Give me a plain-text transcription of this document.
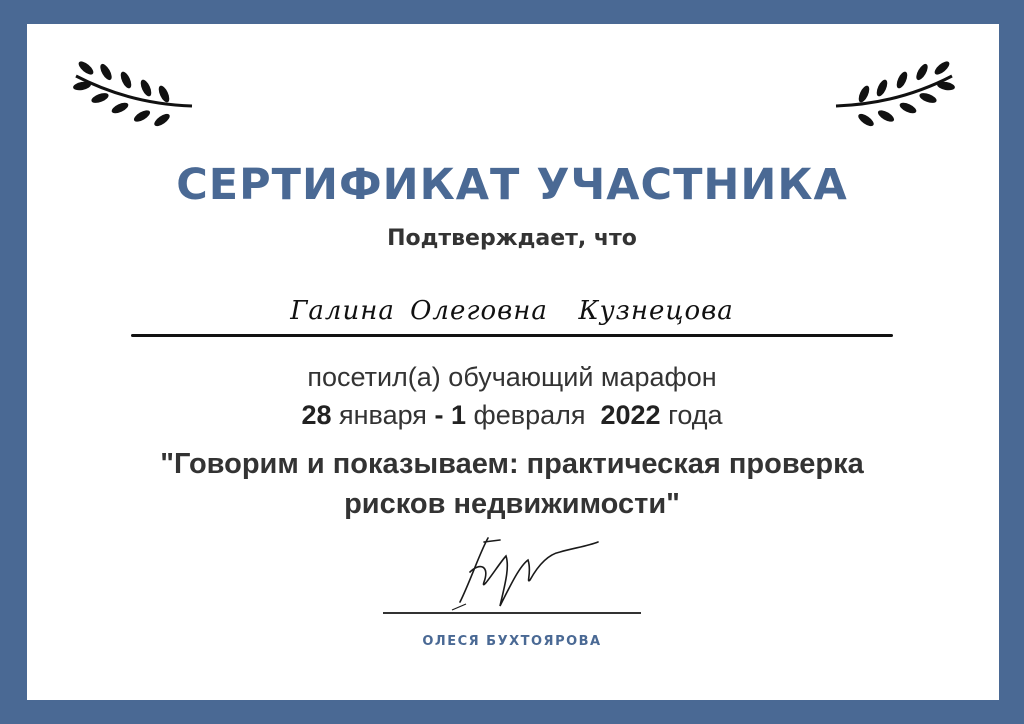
СЕРТИФИКАТ УЧАСТНИКА
Подтверждает, что
Галина Олеговна  Кузнецова
посетил(а) обучающий марафон
28 января - 1 февраля 2022 года
"Говорим и показываем: практическая проверка
рисков недвижимости"
ОЛЕСЯ БУХТОЯРОВА
